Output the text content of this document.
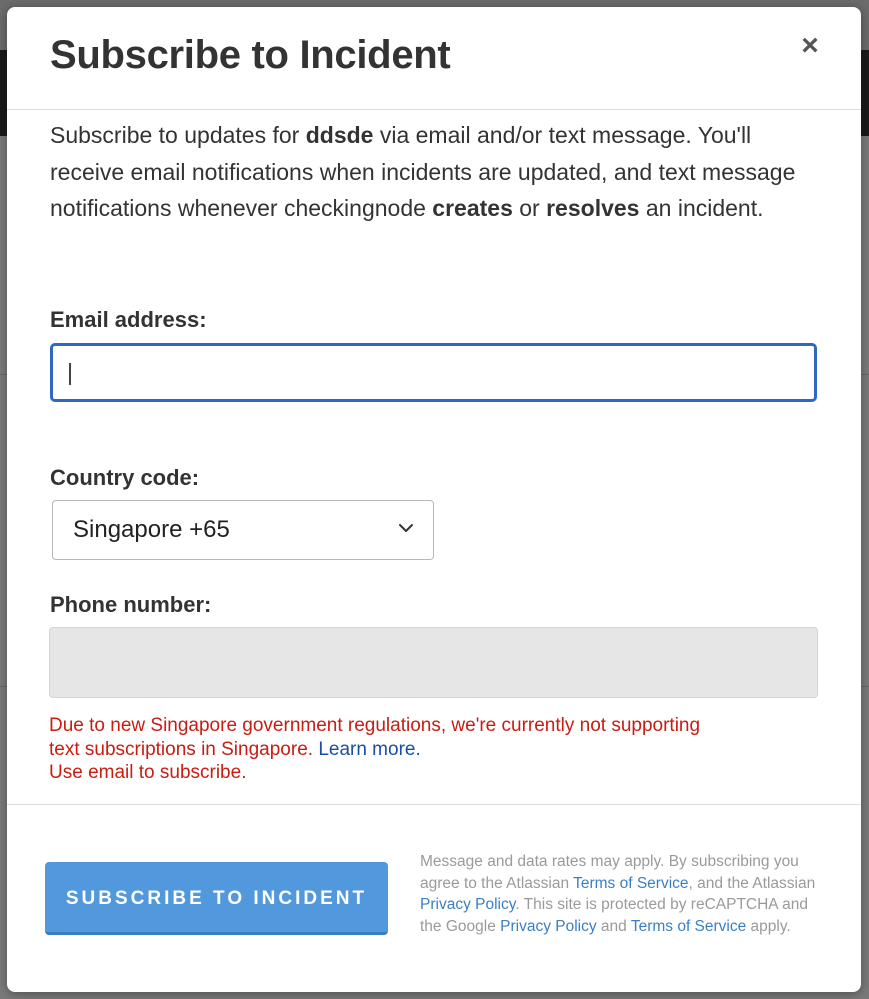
Subscribe to Incident	×

Subscribe to updates for ddsde via email and/or text message. You'll receive email notifications when incidents are updated, and text message notifications whenever checkingnode creates or resolves an incident.

Email address:
Country code:
Singapore +65
Phone number:
Due to new Singapore government regulations, we're currently not supporting
text subscriptions in Singapore. Learn more.
Use email to subscribe.
SUBSCRIBE TO INCIDENT
Message and data rates may apply. By subscribing you agree to the Atlassian Terms of Service, and the Atlassian Privacy Policy. This site is protected by reCAPTCHA and the Google Privacy Policy and Terms of Service apply.
